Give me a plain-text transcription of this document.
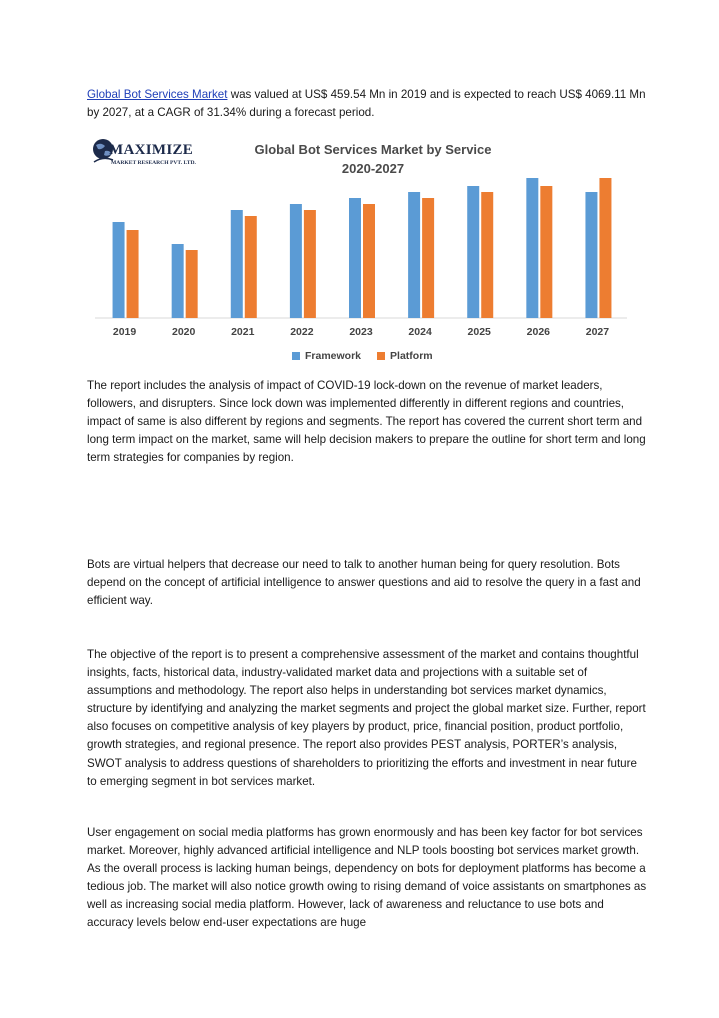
Global Bot Services Market was valued at US$ 459.54 Mn in 2019 and is expected to reach US$ 4069.11 Mn by 2027, at a CAGR of 31.34% during a forecast period.

MAXIMIZE
MARKET RESEARCH PVT. LTD.
Global Bot Services Market by Service
2020-2027
2019	2020	2021	2022	2023	2024	2025	2026	2027
Framework	Platform

The report includes the analysis of impact of COVID-19 lock-down on the revenue of market leaders, followers, and disrupters. Since lock down was implemented differently in different regions and countries, impact of same is also different by regions and segments. The report has covered the current short term and long term impact on the market, same will help decision makers to prepare the outline for short term and long term strategies for companies by region.

Bots are virtual helpers that decrease our need to talk to another human being for query resolution. Bots depend on the concept of artificial intelligence to answer questions and aid to resolve the query in a fast and efficient way.

The objective of the report is to present a comprehensive assessment of the market and contains thoughtful insights, facts, historical data, industry-validated market data and projections with a suitable set of assumptions and methodology. The report also helps in understanding bot services market dynamics, structure by identifying and analyzing the market segments and project the global market size. Further, report also focuses on competitive analysis of key players by product, price, financial position, product portfolio, growth strategies, and regional presence. The report also provides PEST analysis, PORTER’s analysis, SWOT analysis to address questions of shareholders to prioritizing the efforts and investment in near future to emerging segment in bot services market.

User engagement on social media platforms has grown enormously and has been key factor for bot services market. Moreover, highly advanced artificial intelligence and NLP tools boosting bot services market growth. As the overall process is lacking human beings, dependency on bots for deployment platforms has become a tedious job. The market will also notice growth owing to rising demand of voice assistants on smartphones as well as increasing social media platform. However, lack of awareness and reluctance to use bots and accuracy levels below end-user expectations are huge
